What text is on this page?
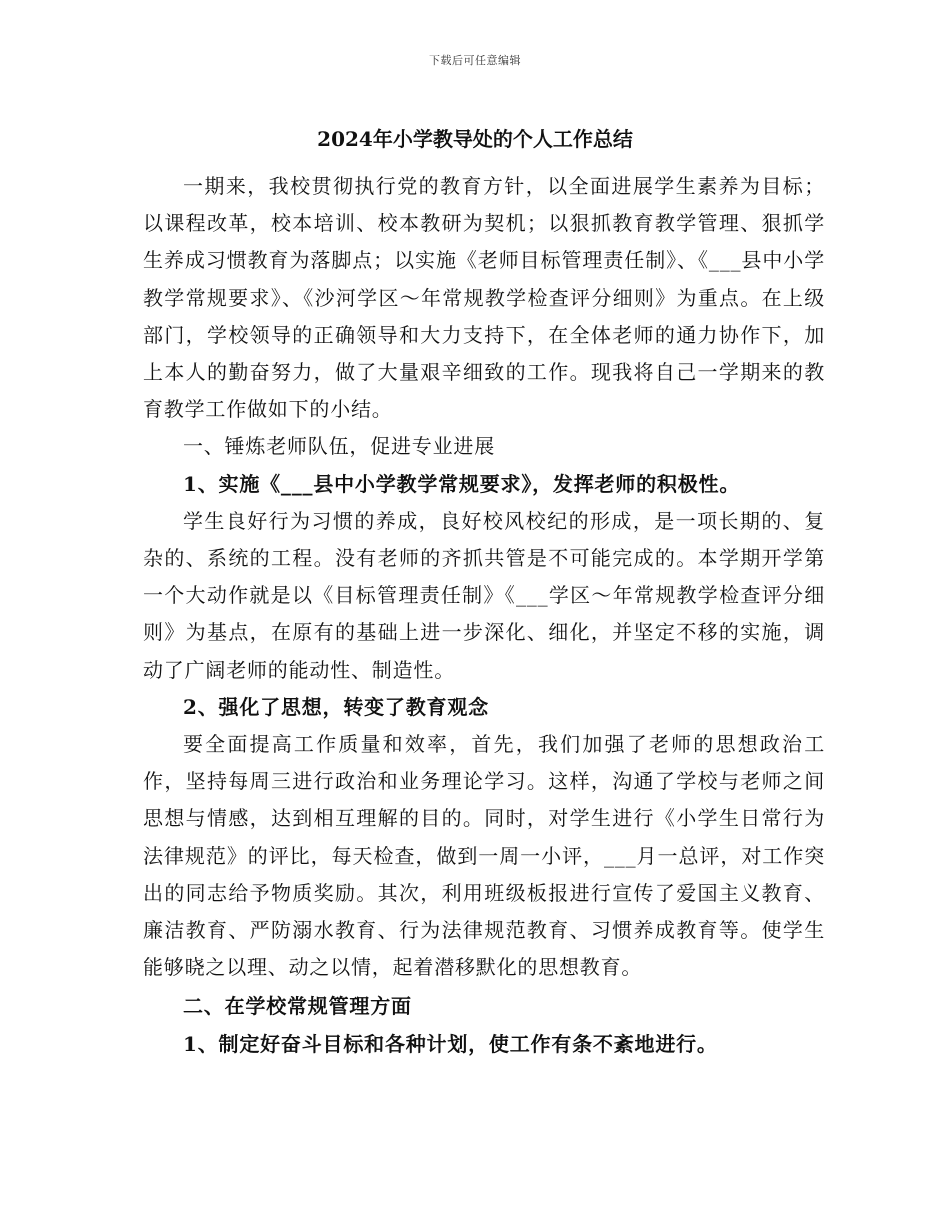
下载后可任意编辑
2024年小学教导处的个人工作总结

一期来，我校贯彻执行党的教育方针，以全面进展学生素养为目标；以课程改革，校本培训、校本教研为契机；以狠抓教育教学管理、狠抓学生养成习惯教育为落脚点；以实施《老师目标管理责任制》、《___县中小学教学常规要求》、《沙河学区～年常规教学检查评分细则》为重点。在上级部门，学校领导的正确领导和大力支持下，在全体老师的通力协作下，加上本人的勤奋努力，做了大量艰辛细致的工作。现我将自己一学期来的教育教学工作做如下的小结。

一、锤炼老师队伍，促进专业进展

1、实施《___县中小学教学常规要求》，发挥老师的积极性。

学生良好行为习惯的养成，良好校风校纪的形成，是一项长期的、复杂的、系统的工程。没有老师的齐抓共管是不可能完成的。本学期开学第一个大动作就是以《目标管理责任制》《___学区～年常规教学检查评分细则》为基点，在原有的基础上进一步深化、细化，并坚定不移的实施，调动了广阔老师的能动性、制造性。

2、强化了思想，转变了教育观念

要全面提高工作质量和效率，首先，我们加强了老师的思想政治工作，坚持每周三进行政治和业务理论学习。这样，沟通了学校与老师之间思想与情感，达到相互理解的目的。同时，对学生进行《小学生日常行为法律规范》的评比，每天检查，做到一周一小评，___月一总评，对工作突出的同志给予物质奖励。其次，利用班级板报进行宣传了爱国主义教育、廉洁教育、严防溺水教育、行为法律规范教育、习惯养成教育等。使学生能够晓之以理、动之以情，起着潜移默化的思想教育。

二、在学校常规管理方面

1、制定好奋斗目标和各种计划，使工作有条不紊地进行。
